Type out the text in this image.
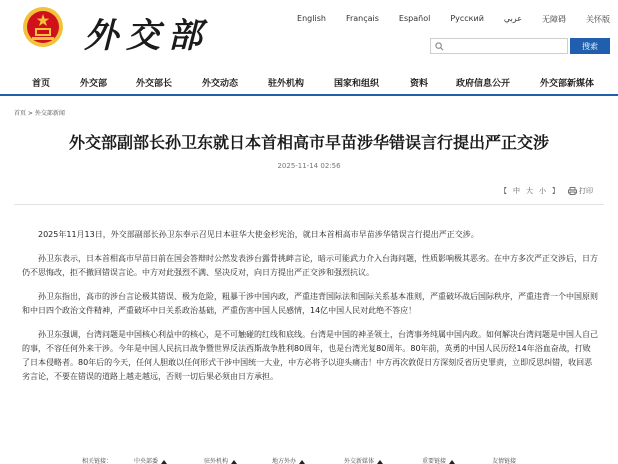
外交部	English	Français	Español	Русский	عربي	无障碍	关怀版
搜索
首页	外交部	外交部长	外交动态	驻外机构	国家和组织	资料	政府信息公开	外交部新媒体
首页 > 外交部新闻
外交部副部长孙卫东就日本首相高市早苗涉华错误言行提出严正交涉
2025-11-14 02:56
【 中 大 小 】	打印

2025年11月13日，外交部副部长孙卫东奉示召见日本驻华大使金杉宪治，就日本首相高市早苗涉华错误言行提出严正交涉。

孙卫东表示，日本首相高市早苗日前在国会答辩时公然发表涉台露骨挑衅言论，暗示可能武力介入台海问题，性质影响极其恶劣。在中方多次严正交涉后，日方仍不思悔改，拒不撤回错误言论。中方对此强烈不满、坚决反对，向日方提出严正交涉和强烈抗议。

孙卫东指出，高市的涉台言论极其错误、极为危险，粗暴干涉中国内政，严重违背国际法和国际关系基本准则，严重破坏战后国际秩序，严重违背一个中国原则和中日四个政治文件精神，严重破坏中日关系政治基础，严重伤害中国人民感情，14亿中国人民对此绝不答应！

孙卫东强调，台湾问题是中国核心利益中的核心，是不可触碰的红线和底线。台湾是中国的神圣领土，台湾事务纯属中国内政。如何解决台湾问题是中国人自己的事，不容任何外来干涉。今年是中国人民抗日战争暨世界反法西斯战争胜利80周年，也是台湾光复80周年。80年前，英勇的中国人民历经14年浴血奋战，打败了日本侵略者。80年后的今天，任何人胆敢以任何形式干涉中国统一大业，中方必将予以迎头痛击！中方再次敦促日方深刻反省历史罪责，立即反思纠错，收回恶劣言论，不要在错误的道路上越走越远，否则一切后果必须由日方承担。

相关链接：	中央部委	驻外机构	地方外办	外交新媒体	重要链接	友情链接
